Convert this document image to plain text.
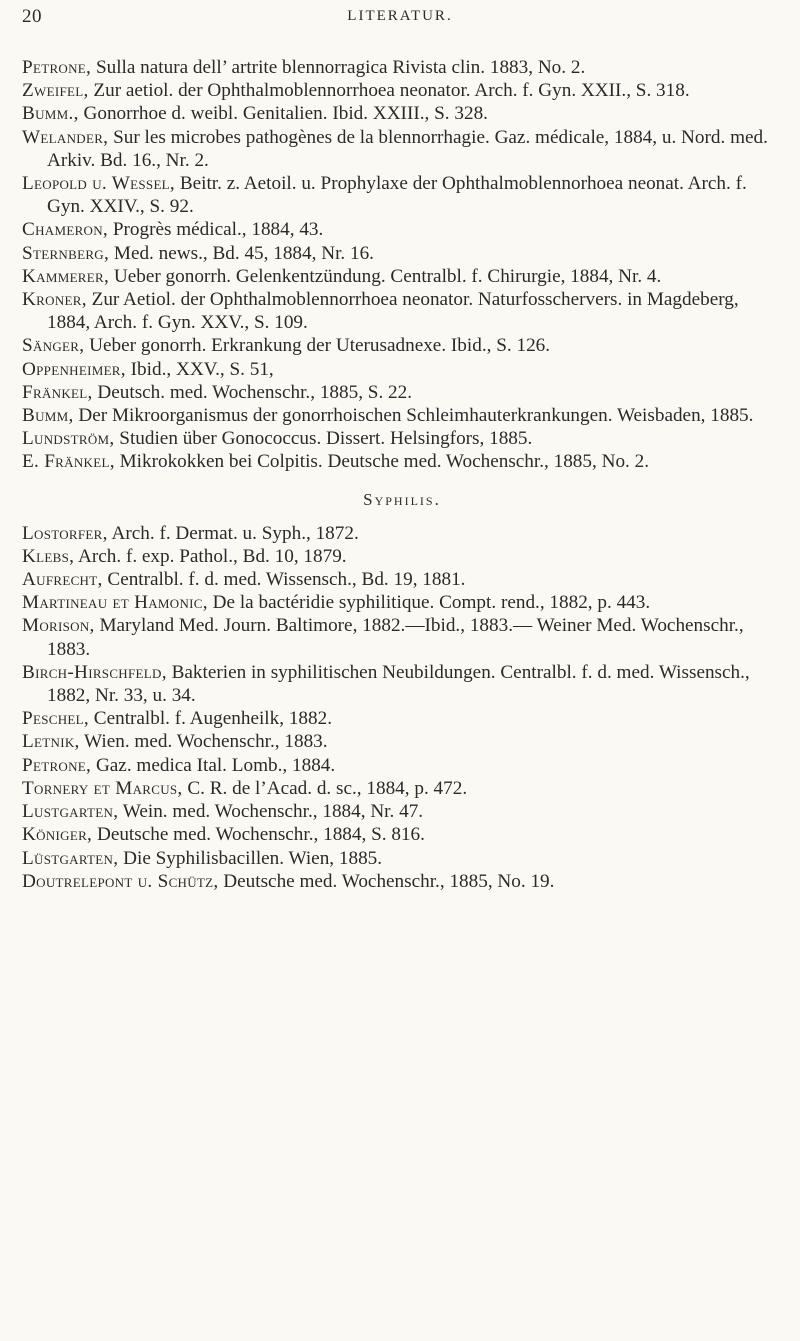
20	LITERATUR.

Petrone, Sulla natura dell’ artrite blennorragica Rivista clin. 1883, No. 2.

Zweifel, Zur aetiol. der Ophthalmoblennorrhoea neonator. Arch. f. Gyn. XXII., S. 318.

Bumm., Gonorrhoe d. weibl. Genitalien. Ibid. XXIII., S. 328.

Welander, Sur les microbes pathogènes de la blennorrhagie. Gaz. médicale, 1884, u. Nord. med. Arkiv. Bd. 16., Nr. 2.

Leopold u. Wessel, Beitr. z. Aetoil. u. Prophylaxe der Ophthalmoblennorhoea neonat. Arch. f. Gyn. XXIV., S. 92.

Chameron, Progrès médical., 1884, 43.

Sternberg, Med. news., Bd. 45, 1884, Nr. 16.

Kammerer, Ueber gonorrh. Gelenkentzündung. Centralbl. f. Chirurgie, 1884, Nr. 4.

Kroner, Zur Aetiol. der Ophthalmoblennorrhoea neonator. Naturfosschervers. in Magdeberg, 1884, Arch. f. Gyn. XXV., S. 109.

Sänger, Ueber gonorrh. Erkrankung der Uterusadnexe. Ibid., S. 126.

Oppenheimer, Ibid., XXV., S. 51,

Fränkel, Deutsch. med. Wochenschr., 1885, S. 22.

Bumm, Der Mikroorganismus der gonorrhoischen Schleimhauterkrankungen. Weisbaden, 1885.

Lundström, Studien über Gonococcus. Dissert. Helsingfors, 1885.

E. Fränkel, Mikrokokken bei Colpitis. Deutsche med. Wochenschr., 1885, No. 2.

Syphilis.

Lostorfer, Arch. f. Dermat. u. Syph., 1872.

Klebs, Arch. f. exp. Pathol., Bd. 10, 1879.

Aufrecht, Centralbl. f. d. med. Wissensch., Bd. 19, 1881.

Martineau et Hamonic, De la bactéridie syphilitique. Compt. rend., 1882, p. 443.

Morison, Maryland Med. Journ. Baltimore, 1882.—Ibid., 1883.— Weiner Med. Wochenschr., 1883.

Birch-Hirschfeld, Bakterien in syphilitischen Neubildungen. Centralbl. f. d. med. Wissensch., 1882, Nr. 33, u. 34.

Peschel, Centralbl. f. Augenheilk, 1882.

Letnik, Wien. med. Wochenschr., 1883.

Petrone, Gaz. medica Ital. Lomb., 1884.

Tornery et Marcus, C. R. de l’Acad. d. sc., 1884, p. 472.

Lustgarten, Wein. med. Wochenschr., 1884, Nr. 47.

Königer, Deutsche med. Wochenschr., 1884, S. 816.

Lüstgarten, Die Syphilisbacillen. Wien, 1885.

Doutrelepont u. Schütz, Deutsche med. Wochenschr., 1885, No. 19.
